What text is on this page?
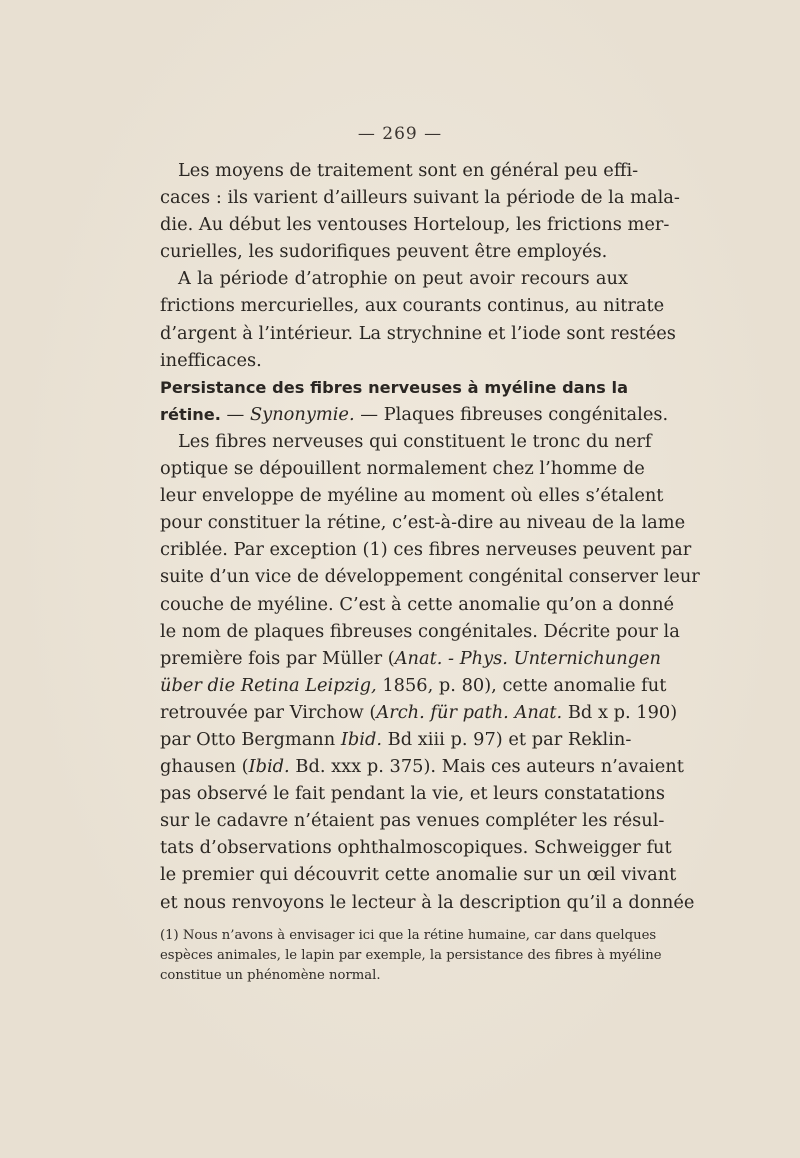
— 269 —
Les moyens de traitement sont en général peu effi-
caces : ils varient d’ailleurs suivant la période de la mala-
die. Au début les ventouses Horteloup, les frictions mer-
curielles, les sudorifiques peuvent être employés.
A la période d’atrophie on peut avoir recours aux
frictions mercurielles, aux courants continus, au nitrate
d’argent à l’intérieur. La strychnine et l’iode sont restées
inefficaces.
Persistance des fibres nerveuses à myéline dans la
rétine. — Synonymie. — Plaques fibreuses congénitales.
Les fibres nerveuses qui constituent le tronc du nerf
optique se dépouillent normalement chez l’homme de
leur enveloppe de myéline au moment où elles s’étalent
pour constituer la rétine, c’est-à-dire au niveau de la lame
criblée. Par exception (1) ces fibres nerveuses peuvent par
suite d’un vice de développement congénital conserver leur
couche de myéline. C’est à cette anomalie qu’on a donné
le nom de plaques fibreuses congénitales. Décrite pour la
première fois par Müller (Anat. - Phys. Unternichungen
über die Retina Leipzig, 1856, p. 80), cette anomalie fut
retrouvée par Virchow (Arch. für path. Anat. Bd x p. 190)
par Otto Bergmann Ibid. Bd xiii p. 97) et par Reklin-
ghausen (Ibid. Bd. xxx p. 375). Mais ces auteurs n’avaient
pas observé le fait pendant la vie, et leurs constatations
sur le cadavre n’étaient pas venues compléter les résul-
tats d’observations ophthalmoscopiques. Schweigger fut
le premier qui découvrit cette anomalie sur un œil vivant
et nous renvoyons le lecteur à la description qu’il a donnée
(1) Nous n’avons à envisager ici que la rétine humaine, car dans quelques
espèces animales, le lapin par exemple, la persistance des fibres à myéline
constitue un phénomène normal.
